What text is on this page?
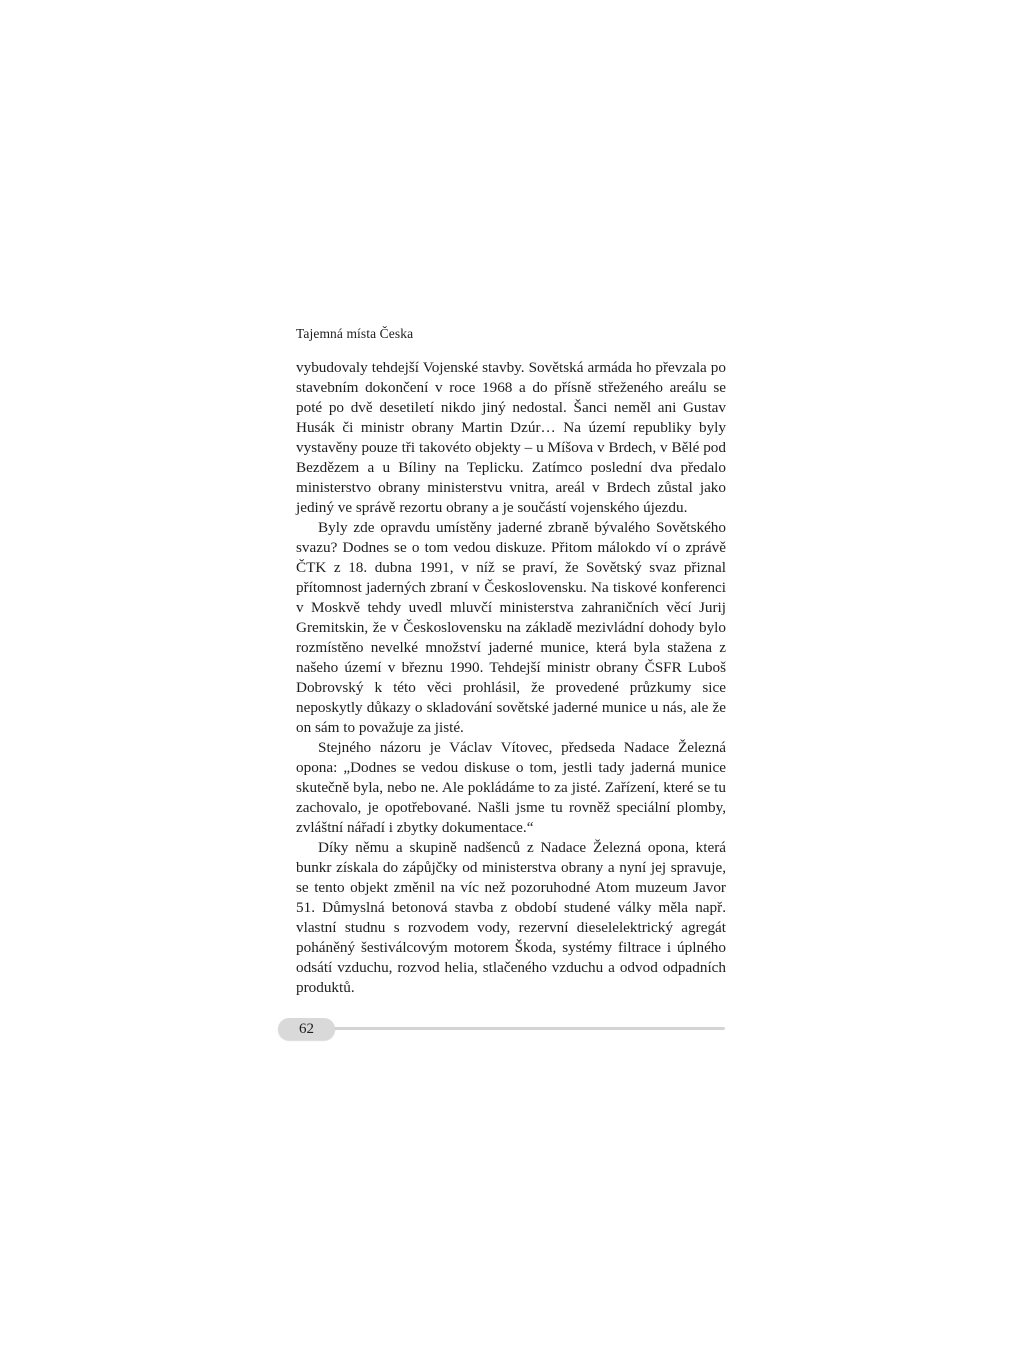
Tajemná místa Česka

vybudovaly tehdejší Vojenské stavby. Sovětská armáda ho převzala po stavebním dokončení v roce 1968 a do přísně střeženého areálu se poté po dvě desetiletí nikdo jiný nedostal. Šanci neměl ani Gustav Husák či ministr obrany Martin Dzúr… Na území republiky byly vystavěny pouze tři takovéto objekty – u Míšova v Brdech, v Bělé pod Bezdězem a u Bíliny na Teplicku. Zatímco poslední dva předalo ministerstvo obrany ministerstvu vnitra, areál v Brdech zůstal jako jediný ve správě rezortu obrany a je součástí vojenského újezdu.

Byly zde opravdu umístěny jaderné zbraně bývalého Sovětského svazu? Dodnes se o tom vedou diskuze. Přitom málokdo ví o zprávě ČTK z 18. dubna 1991, v níž se praví, že Sovětský svaz přiznal přítomnost jaderných zbraní v Československu. Na tiskové konferenci v Moskvě tehdy uvedl mluvčí ministerstva zahraničních věcí Jurij Gremitskin, že v Československu na základě mezivládní dohody bylo rozmístěno nevelké množství jaderné munice, která byla stažena z našeho území v březnu 1990. Tehdejší ministr obrany ČSFR Luboš Dobrovský k této věci prohlásil, že provedené průzkumy sice neposkytly důkazy o skladování sovětské jaderné munice u nás, ale že on sám to považuje za jisté.

Stejného názoru je Václav Vítovec, předseda Nadace Železná opona: „Dodnes se vedou diskuse o tom, jestli tady jaderná munice skutečně byla, nebo ne. Ale pokládáme to za jisté. Zařízení, které se tu zachovalo, je opotřebované. Našli jsme tu rovněž speciální plomby, zvláštní nářadí i zbytky dokumentace.“

Díky němu a skupině nadšenců z Nadace Železná opona, která bunkr získala do zápůjčky od ministerstva obrany a nyní jej spravuje, se tento objekt změnil na víc než pozoruhodné Atom muzeum Javor 51. Důmyslná betonová stavba z období studené války měla např. vlastní studnu s rozvodem vody, rezervní dieselelektrický agregát poháněný šestiválcovým motorem Škoda, systémy filtrace i úplného odsátí vzduchu, rozvod helia, stlačeného vzduchu a odvod odpadních produktů.

62
